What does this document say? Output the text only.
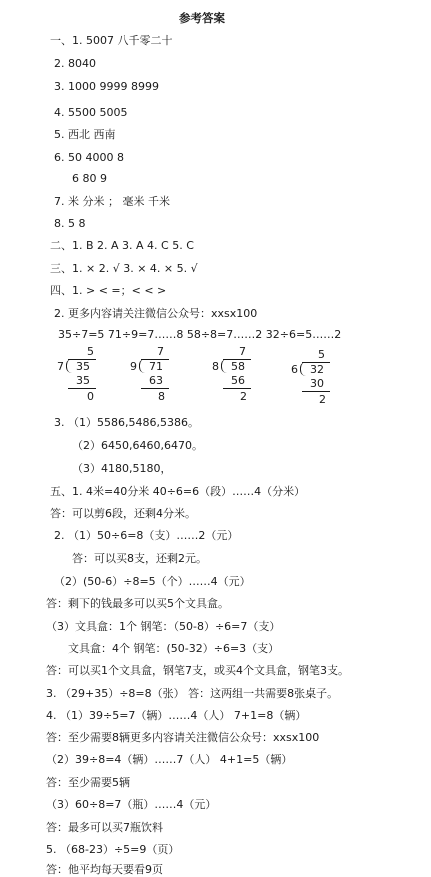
参考答案
一、1. 5007 八千零二十
2. 8040
3. 1000 9999 8999
4. 5500 5005
5. 西北 西南
6. 50 4000 8
6 80 9
7. 米 分米 ； 毫米 千米
8. 5 8
二、1. B 2. A 3. A 4. C 5. C
三、1. × 2. √ 3. × 4. × 5. √
四、1. > < =；< < >
2. 更多内容请关注微信公众号：xxsx100
35÷7=5 71÷9=7……8 58÷8=7……2 32÷6=5……2
5
7 35
35
0
7
9 71
63
8
7
8 58
56
2
5
6 32
30
2
3. （1）5586,5486,5386。
（2）6450,6460,6470。
（3）4180,5180，
五、1. 4米=40分米 40÷6=6（段）……4（分米）
答：可以剪6段，还剩4分米。
2. （1）50÷6=8（支）……2（元）
答：可以买8支，还剩2元。
（2）(50-6）÷8=5（个）……4（元）
答：剩下的钱最多可以买5个文具盒。
（3）文具盒：1个 钢笔：（50-8）÷6=7（支）
文具盒：4个 钢笔：(50-32）÷6=3（支）
答：可以买1个文具盒，钢笔7支，或买4个文具盒，钢笔3支。
3. （29+35）÷8=8（张） 答：这两组一共需要8张桌子。
4. （1）39÷5=7（辆）……4（人） 7+1=8（辆）
答：至少需要8辆更多内容请关注微信公众号：xxsx100
（2）39÷8=4（辆）……7（人） 4+1=5（辆）
答：至少需要5辆
（3）60÷8=7（瓶）……4（元）
答：最多可以买7瓶饮料
5. （68-23）÷5=9（页）
答：他平均每天要看9页
